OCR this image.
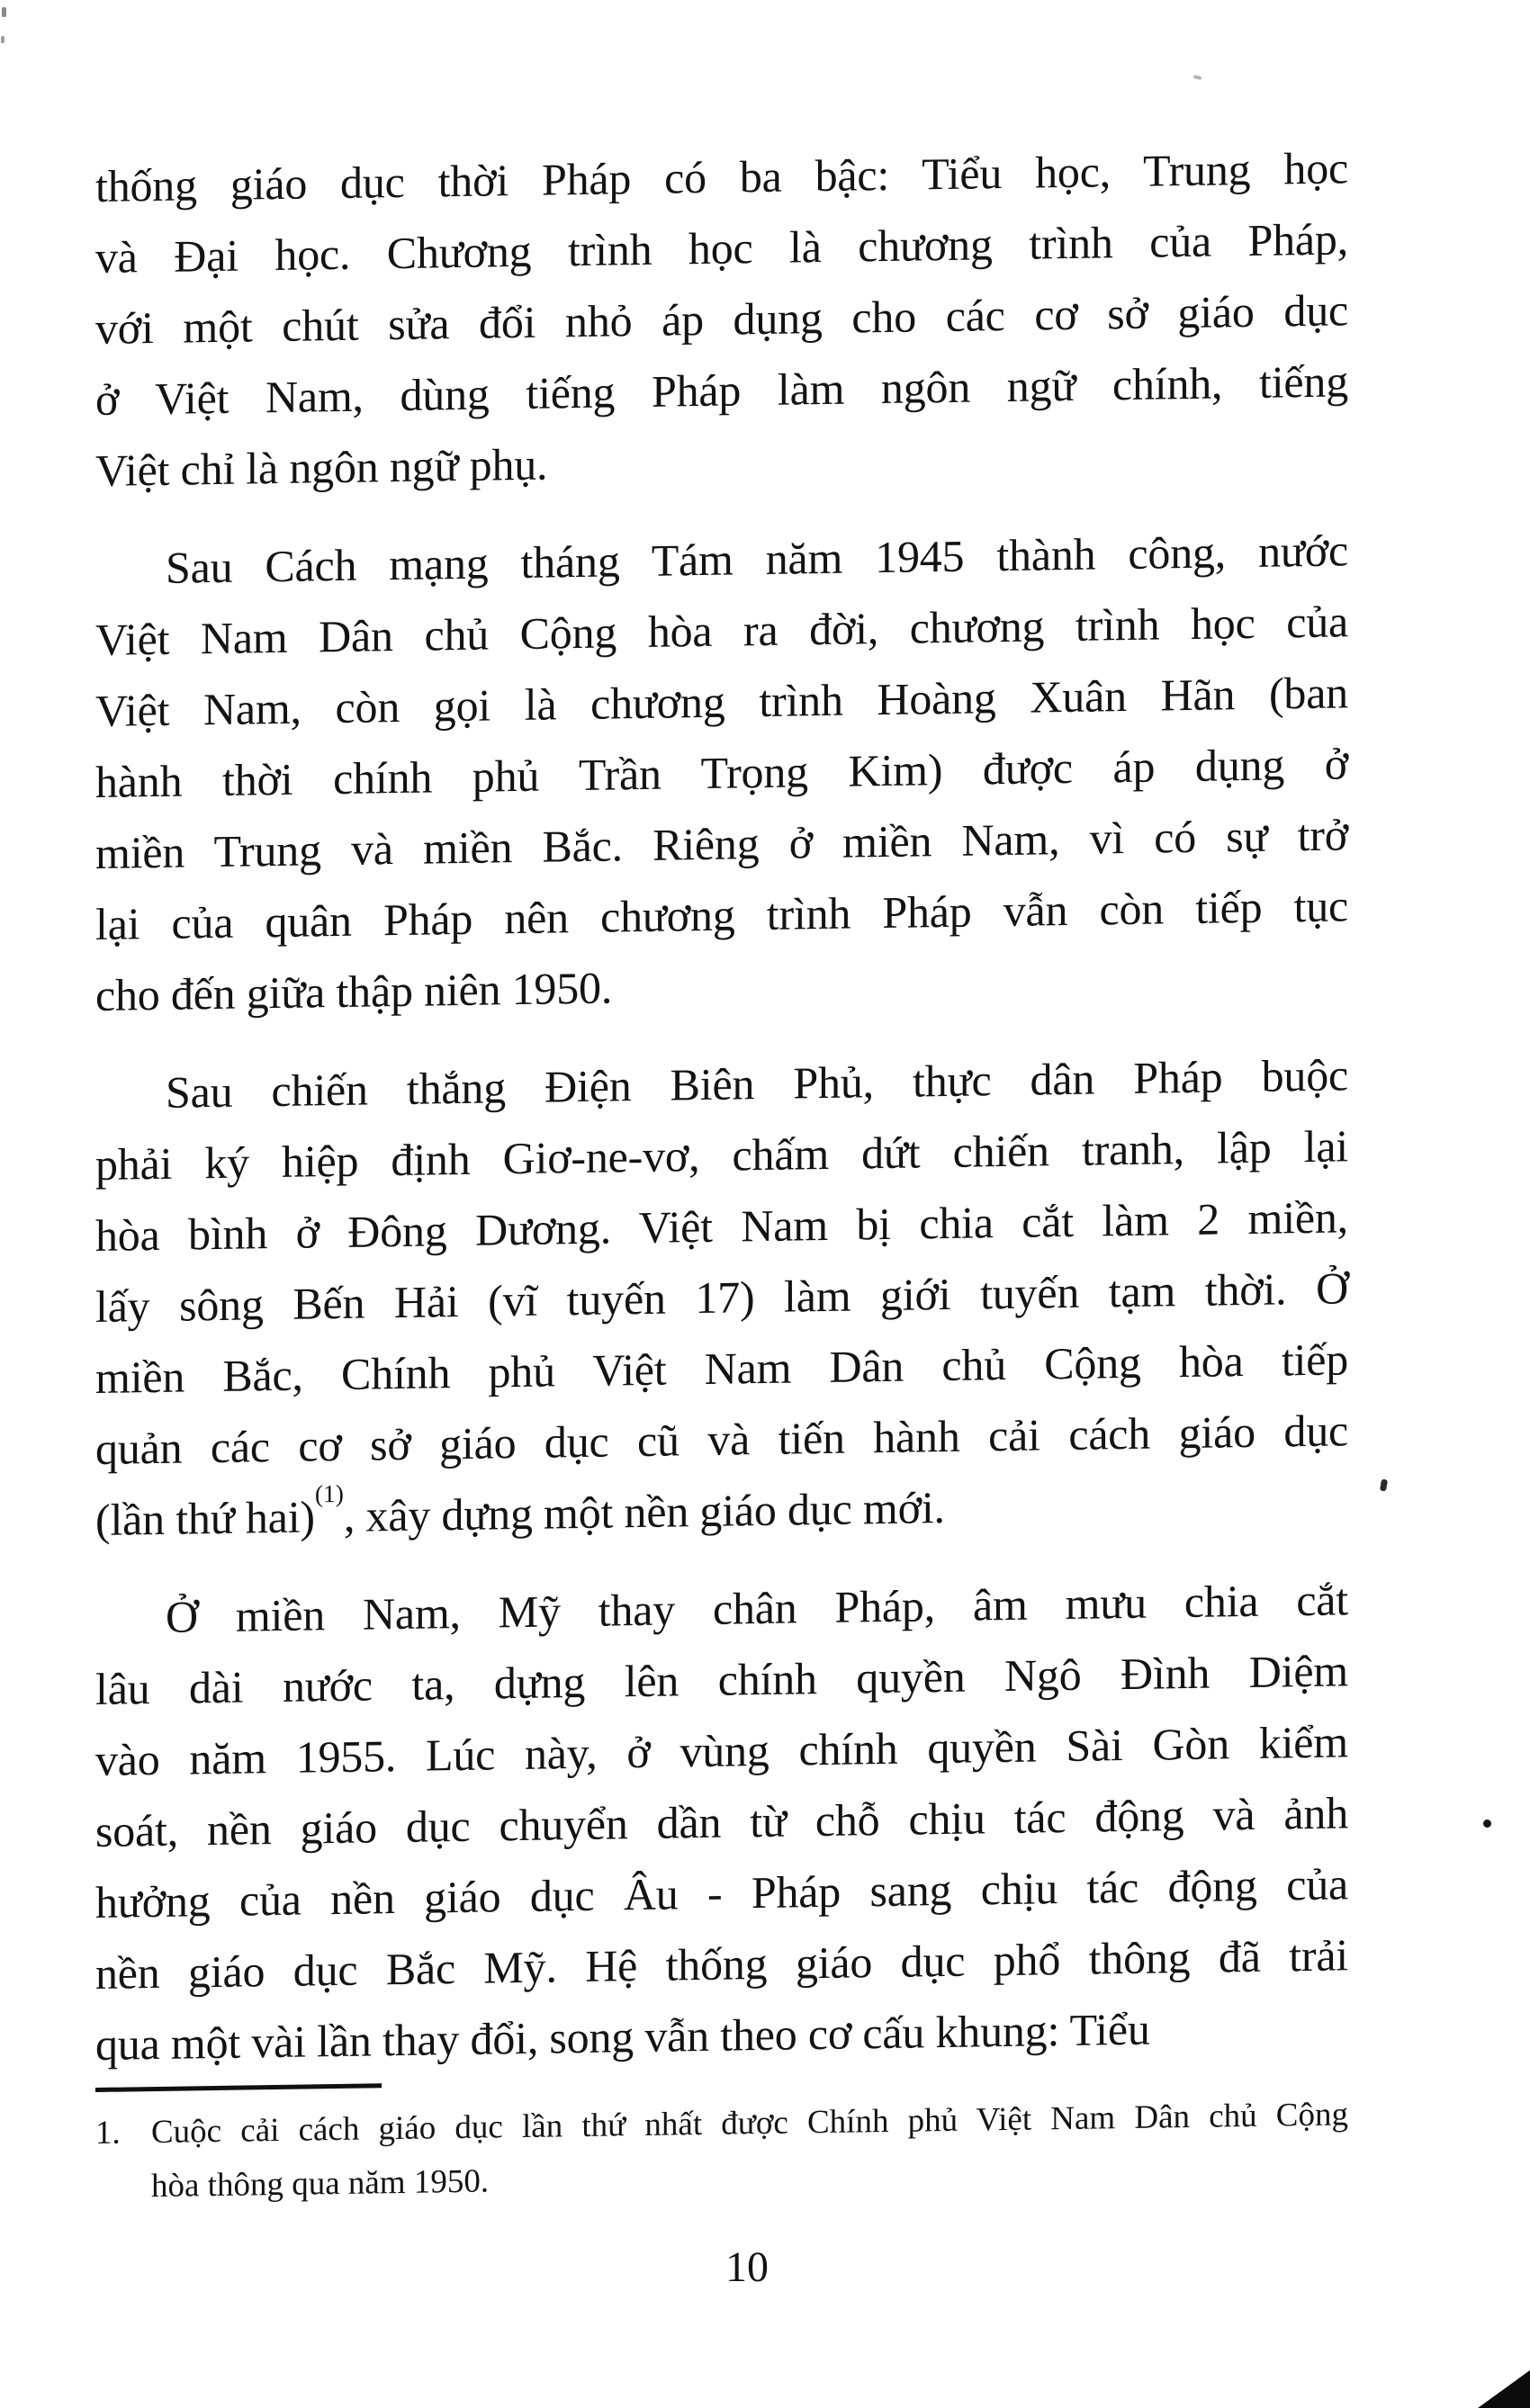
thống giáo dục thời Pháp có ba bậc: Tiểu học, Trung học
và Đại học. Chương trình học là chương trình của Pháp,
với một chút sửa đổi nhỏ áp dụng cho các cơ sở giáo dục
ở Việt Nam, dùng tiếng Pháp làm ngôn ngữ chính, tiếng
Việt chỉ là ngôn ngữ phụ.
Sau Cách mạng tháng Tám năm 1945 thành công, nước
Việt Nam Dân chủ Cộng hòa ra đời, chương trình học của
Việt Nam, còn gọi là chương trình Hoàng Xuân Hãn (ban
hành thời chính phủ Trần Trọng Kim) được áp dụng ở
miền Trung và miền Bắc. Riêng ở miền Nam, vì có sự trở
lại của quân Pháp nên chương trình Pháp vẫn còn tiếp tục
cho đến giữa thập niên 1950.
Sau chiến thắng Điện Biên Phủ, thực dân Pháp buộc
phải ký hiệp định Giơ-ne-vơ, chấm dứt chiến tranh, lập lại
hòa bình ở Đông Dương. Việt Nam bị chia cắt làm 2 miền,
lấy sông Bến Hải (vĩ tuyến 17) làm giới tuyến tạm thời. Ở
miền Bắc, Chính phủ Việt Nam Dân chủ Cộng hòa tiếp
quản các cơ sở giáo dục cũ và tiến hành cải cách giáo dục
(lần thứ hai)$^{(1)}$, xây dựng một nền giáo dục mới.
Ở miền Nam, Mỹ thay chân Pháp, âm mưu chia cắt
lâu dài nước ta, dựng lên chính quyền Ngô Đình Diệm
vào năm 1955. Lúc này, ở vùng chính quyền Sài Gòn kiểm
soát, nền giáo dục chuyển dần từ chỗ chịu tác động và ảnh
hưởng của nền giáo dục Âu - Pháp sang chịu tác động của
nền giáo dục Bắc Mỹ. Hệ thống giáo dục phổ thông đã trải
qua một vài lần thay đổi, song vẫn theo cơ cấu khung: Tiểu
1. Cuộc cải cách giáo dục lần thứ nhất được Chính phủ Việt Nam Dân chủ Cộng
hòa thông qua năm 1950.
10
